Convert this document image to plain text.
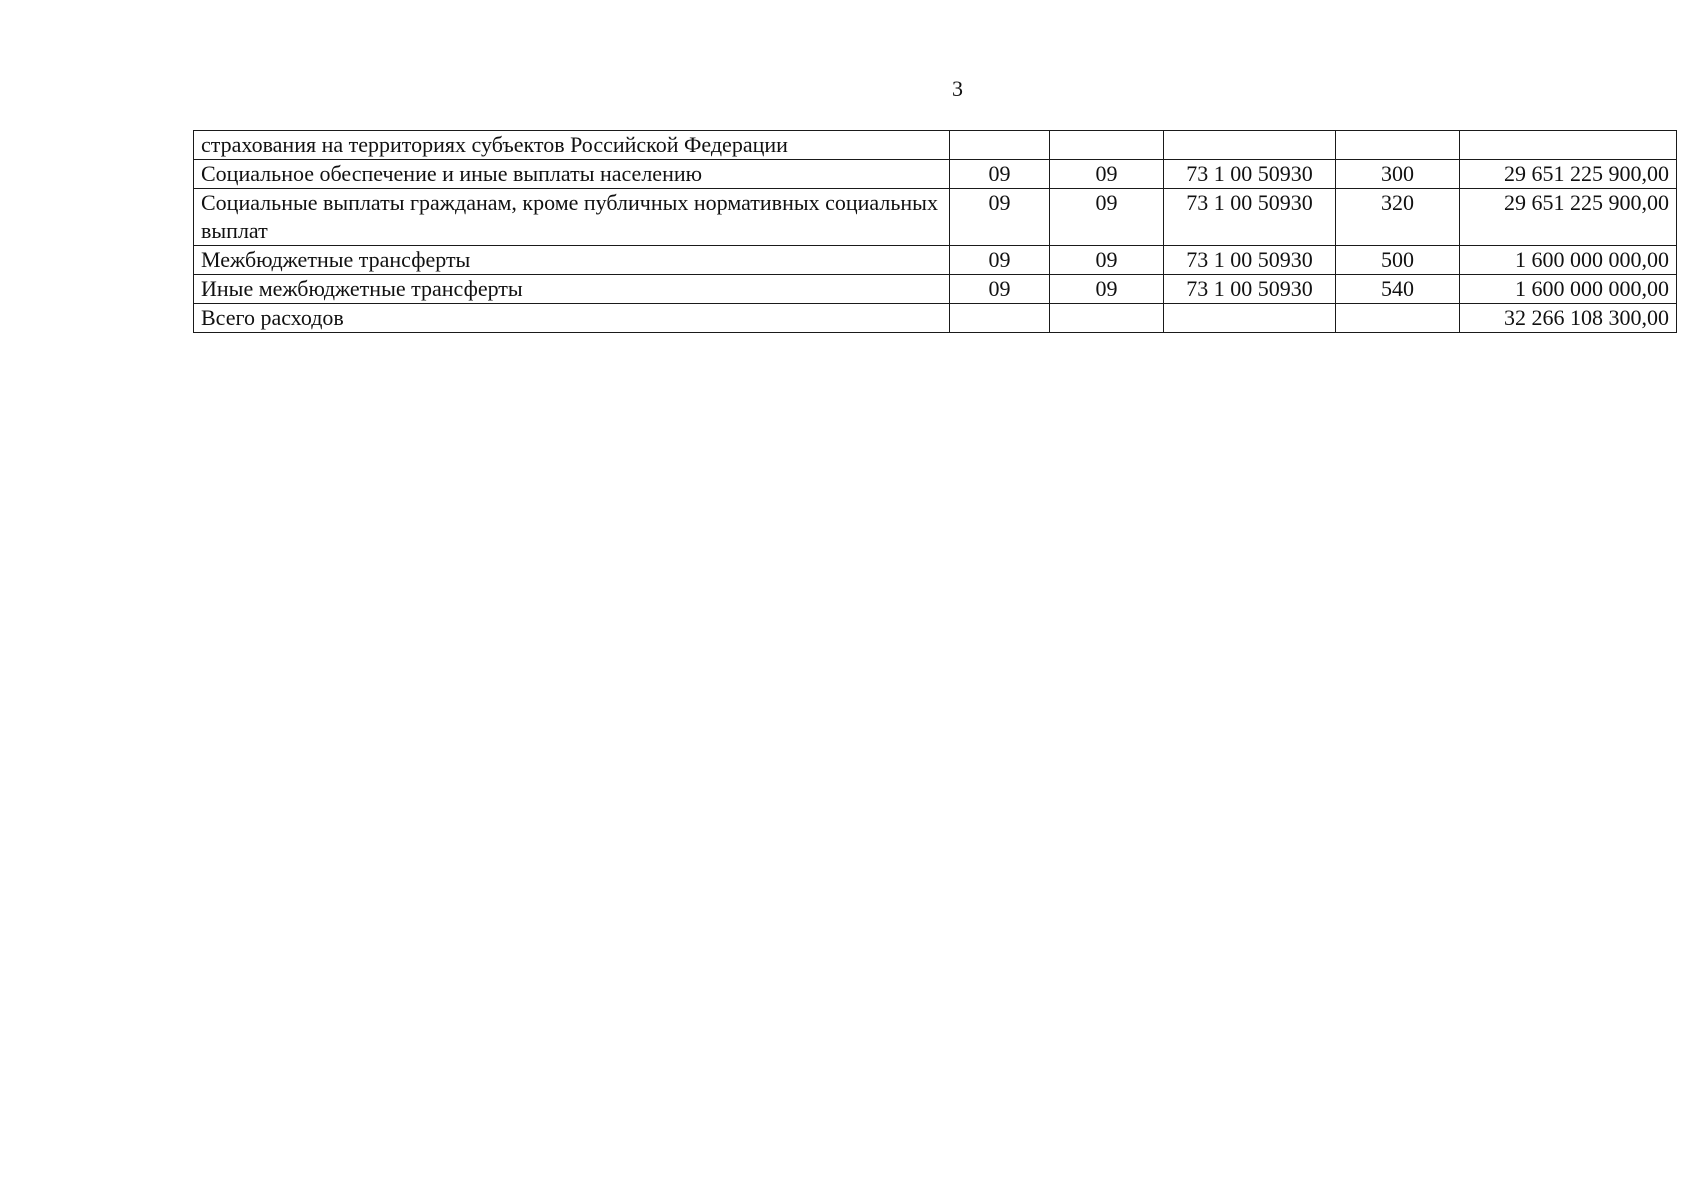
3
страхования на территориях субъектов Российской Федерации					
Социальное обеспечение и иные выплаты населению	09	09	73 1 00 50930	300	29 651 225 900,00
Социальные выплаты гражданам, кроме публичных нормативных социальных выплат	09	09	73 1 00 50930	320	29 651 225 900,00
Межбюджетные трансферты	09	09	73 1 00 50930	500	1 600 000 000,00
Иные межбюджетные трансферты	09	09	73 1 00 50930	540	1 600 000 000,00
Всего расходов					32 266 108 300,00
